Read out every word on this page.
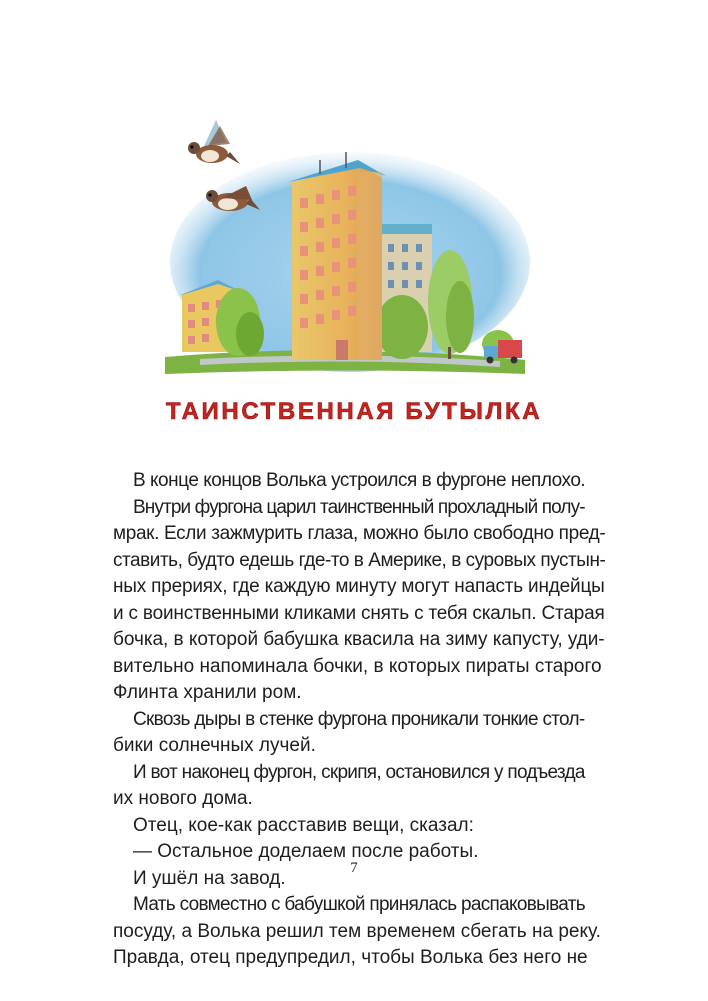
ТАИНСТВЕННАЯ БУТЫЛКА

В конце концов Волька устроился в фургоне неплохо.

Внутри фургона царил таинственный прохладный полу-
мрак. Если зажмурить глаза, можно было свободно пред-
ставить, будто едешь где-то в Америке, в суровых пустын-
ных прериях, где каждую минуту могут напасть индейцы
и с воинственными кликами снять с тебя скальп. Старая
бочка, в которой бабушка квасила на зиму капусту, уди-
вительно напоминала бочки, в которых пираты старого
Флинта хранили ром.

Сквозь дыры в стенке фургона проникали тонкие стол-
бики солнечных лучей.

И вот наконец фургон, скрипя, остановился у подъезда
их нового дома.

Отец, кое-как расставив вещи, сказал:

— Остальное доделаем после работы.

И ушёл на завод.

Мать совместно с бабушкой принялась распаковывать
посуду, а Волька решил тем временем сбегать на реку.
Правда, отец предупредил, чтобы Волька без него не

7
